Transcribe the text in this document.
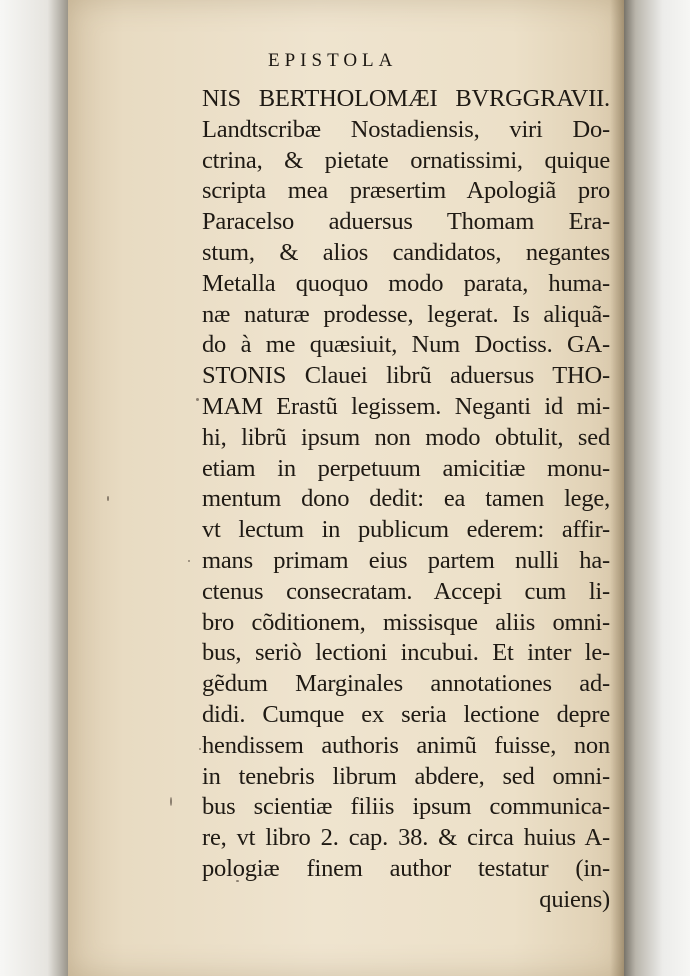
EPISTOLA
NIS BERTHOLOMÆI BVRGGRAVII.
Landtscribæ Nostadiensis, viri Do-
ctrina, & pietate ornatissimi, quique
scripta mea præsertim Apologiã pro
Paracelso aduersus Thomam Era-
stum, & alios candidatos, negantes
Metalla quoquo modo parata, huma-
næ naturæ prodesse, legerat. Is aliquã-
do à me quæsiuit, Num Doctiss. GA-
STONIS Clauei librũ aduersus THO-
MAM Erastũ legissem. Neganti id mi-
hi, librũ ipsum non modo obtulit, sed
etiam in perpetuum amicitiæ monu-
mentum dono dedit: ea tamen lege,
vt lectum in publicum ederem: affir-
mans primam eius partem nulli ha-
ctenus consecratam. Accepi cum li-
bro cõditionem, missisque aliis omni-
bus, seriò lectioni incubui. Et inter le-
gẽdum Marginales annotationes ad-
didi. Cumque ex seria lectione depre
hendissem authoris animũ fuisse, non
in tenebris librum abdere, sed omni-
bus scientiæ filiis ipsum communica-
re, vt libro 2. cap. 38. & circa huius A-
pologiæ finem author testatur (in-
quiens)
